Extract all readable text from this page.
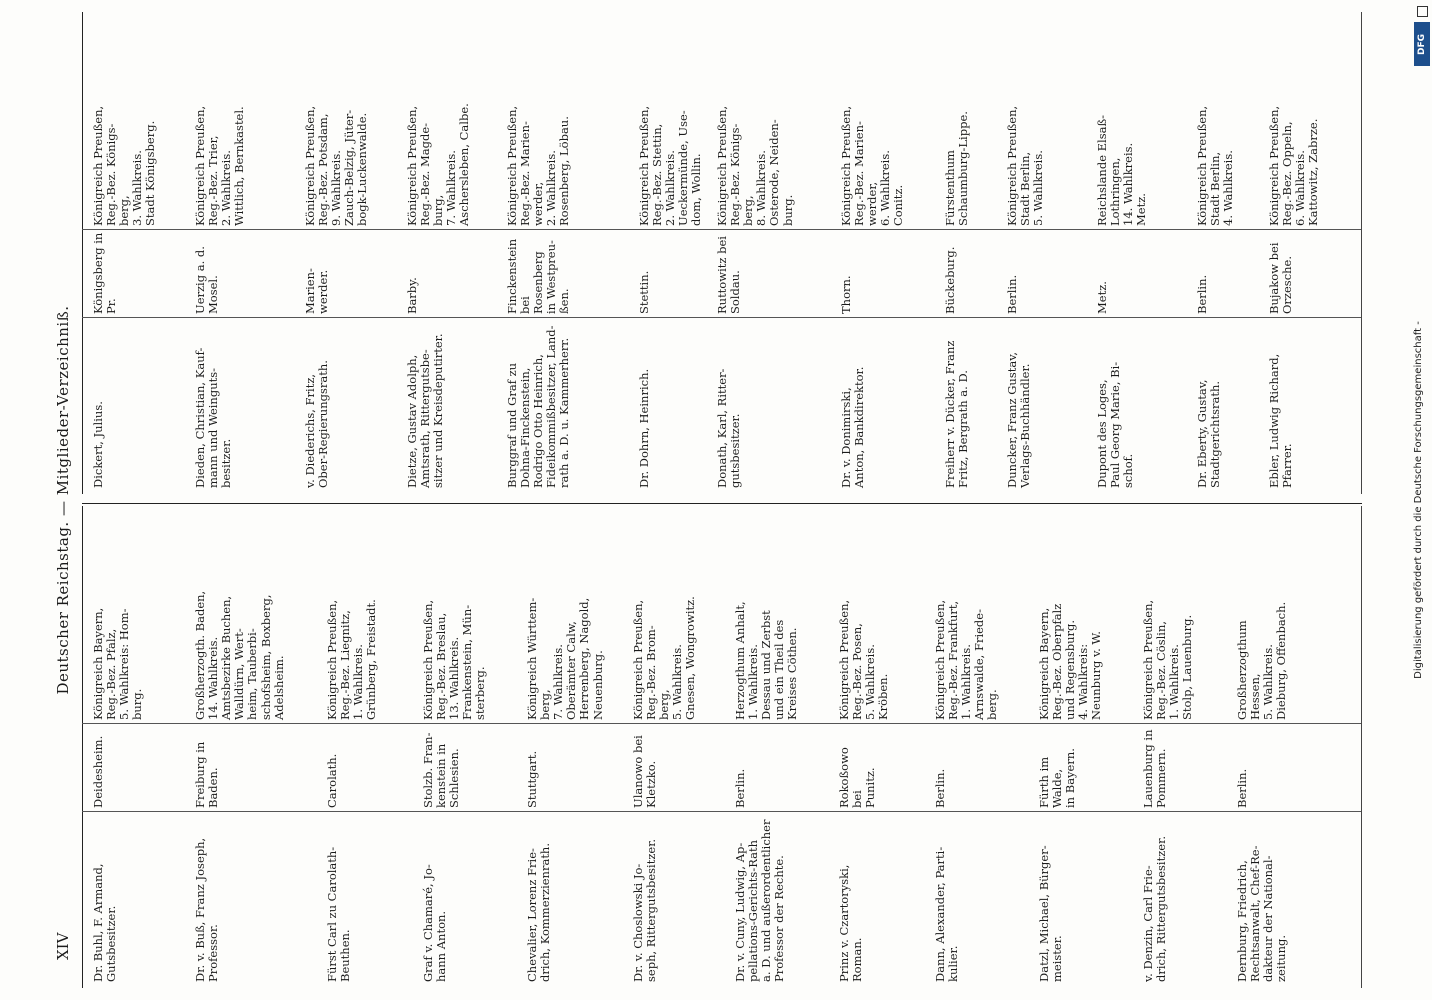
XIV
Deutscher Reichstag. — Mitglieder-Verzeichniß.
Dr. Buhl, F. Armand,
Gutsbesitzer.
Deidesheim.
Königreich Bayern,
Reg.-Bez. Pfalz,
5. Wahlkreis: Hom-
burg.
Dr. v. Buß, Franz Joseph,
Professor.
Freiburg in
Baden.
Großherzogth. Baden,
14. Wahlkreis.
Amtsbezirke Buchen,
Walldürn, Wert-
heim, Tauberbi-
schofsheim, Boxberg,
Adelsheim.
Fürst Carl zu Carolath-
Beuthen.
Carolath.
Königreich Preußen,
Reg.-Bez. Liegnitz,
1. Wahlkreis.
Grünberg, Freistadt.
Graf v. Chamaré, Jo-
hann Anton.
Stolzb. Fran-
kenstein in
Schlesien.
Königreich Preußen,
Reg.-Bez. Breslau,
13. Wahlkreis.
Frankenstein, Mün-
sterberg.
Chevalier, Lorenz Frie-
drich, Kommerzienrath.
Stuttgart.
Königreich Württem-
berg,
7. Wahlkreis.
Oberämter Calw,
Herrenberg, Nagold,
Neuenburg.
Dr. v. Choslowski Jo-
seph, Rittergutsbesitzer.
Ulanowo bei
Kletzko.
Königreich Preußen,
Reg.-Bez. Brom-
berg,
5. Wahlkreis.
Gnesen, Wongrowitz.
Dr. v. Cuny, Ludwig, Ap-
pellations-Gerichts-Rath
a. D. und außerordentlicher
Professor der Rechte.
Berlin.
Herzogthum Anhalt,
1. Wahlkreis.
Dessau und Zerbst
und ein Theil des
Kreises Cöthen.
Prinz v. Czartoryski,
Roman.
Rokoßowo bei
Punitz.
Königreich Preußen,
Reg.-Bez. Posen,
5. Wahlkreis.
Kröben.
Dann, Alexander, Parti-
kulier.
Berlin.
Königreich Preußen,
Reg.-Bez. Frankfurt,
1. Wahlkreis.
Arnswalde, Friede-
berg.
Datzl, Michael, Bürger-
meister.
Fürth im
Walde,
in Bayern.
Königreich Bayern,
Reg.-Bez. Oberpfalz
und Regensburg.
4. Wahlkreis:
Neunburg v. W.
v. Denzin, Carl Frie-
drich, Rittergutsbesitzer.
Lauenburg in
Pommern.
Königreich Preußen,
Reg.-Bez. Cöslin,
1. Wahlkreis.
Stolp, Lauenburg.
Dernburg, Friedrich,
Rechtsanwalt, Chef-Re-
dakteur der National-
zeitung.
Berlin.
Großherzogthum
Hessen,
5. Wahlkreis.
Dieburg, Offenbach.
Dickert, Julius.
Königsberg in
Pr.
Königreich Preußen,
Reg.-Bez. Königs-
berg,
3. Wahlkreis.
Stadt Königsberg.
Dieden, Christian, Kauf-
mann und Weinguts-
besitzer.
Uerzig a. d.
Mosel.
Königreich Preußen,
Reg.-Bez. Trier,
2. Wahlkreis.
Wittlich, Bernkastel.
v. Diederichs, Fritz,
Ober-Regierungsrath.
Marien-
werder.
Königreich Preußen,
Reg.-Bez. Potsdam,
9. Wahlkreis.
Zauch-Belzig, Jüter-
bogk-Luckenwalde.
Dietze, Gustav Adolph,
Amtsrath, Rittergutsbe-
sitzer und Kreisdeputirter.
Barby.
Königreich Preußen,
Reg.-Bez. Magde-
burg,
7. Wahlkreis.
Aschersleben, Calbe.
Burggraf und Graf zu
Dohna-Finckenstein,
Rodrigo Otto Heinrich,
Fideikommißbesitzer, Land-
rath a. D. u. Kammerherr.
Finckenstein
bei Rosenberg
in Westpreu-
ßen.
Königreich Preußen,
Reg.-Bez. Marien-
werder,
2. Wahlkreis.
Rosenberg, Löbau.
Dr. Dohrn, Heinrich.
Stettin.
Königreich Preußen,
Reg.-Bez. Stettin,
2. Wahlkreis.
Ueckermünde, Use-
dom, Wollin.
Donath, Karl, Ritter-
gutsbesitzer.
Ruttowitz bei
Soldau.
Königreich Preußen,
Reg.-Bez. Königs-
berg,
8. Wahlkreis.
Osterode, Neiden-
burg.
Dr. v. Donimirski,
Anton, Bankdirektor.
Thorn.
Königreich Preußen,
Reg.-Bez. Marien-
werder,
6. Wahlkreis.
Conitz.
Freiherr v. Dücker, Franz
Fritz, Bergrath a. D.
Bückeburg.
Fürstenthum
Schaumburg-Lippe.
Duncker, Franz Gustav,
Verlags-Buchhändler.
Berlin.
Königreich Preußen,
Stadt Berlin,
5. Wahlkreis.
Dupont des Loges,
Paul Georg Marie, Bi-
schof.
Metz.
Reichslande Elsaß-
Lothringen,
14. Wahlkreis.
Metz.
Dr. Eberty, Gustav,
Stadtgerichtsrath.
Berlin.
Königreich Preußen,
Stadt Berlin,
4. Wahlkreis.
Ebler, Ludwig Richard,
Pfarrer.
Bujakow bei
Orzesche.
Königreich Preußen,
Reg.-Bez. Oppeln,
6. Wahlkreis.
Kattowitz, Zabrze.
Digitalisierung gefördert durch die Deutsche Forschungsgemeinschaft -
DFG
